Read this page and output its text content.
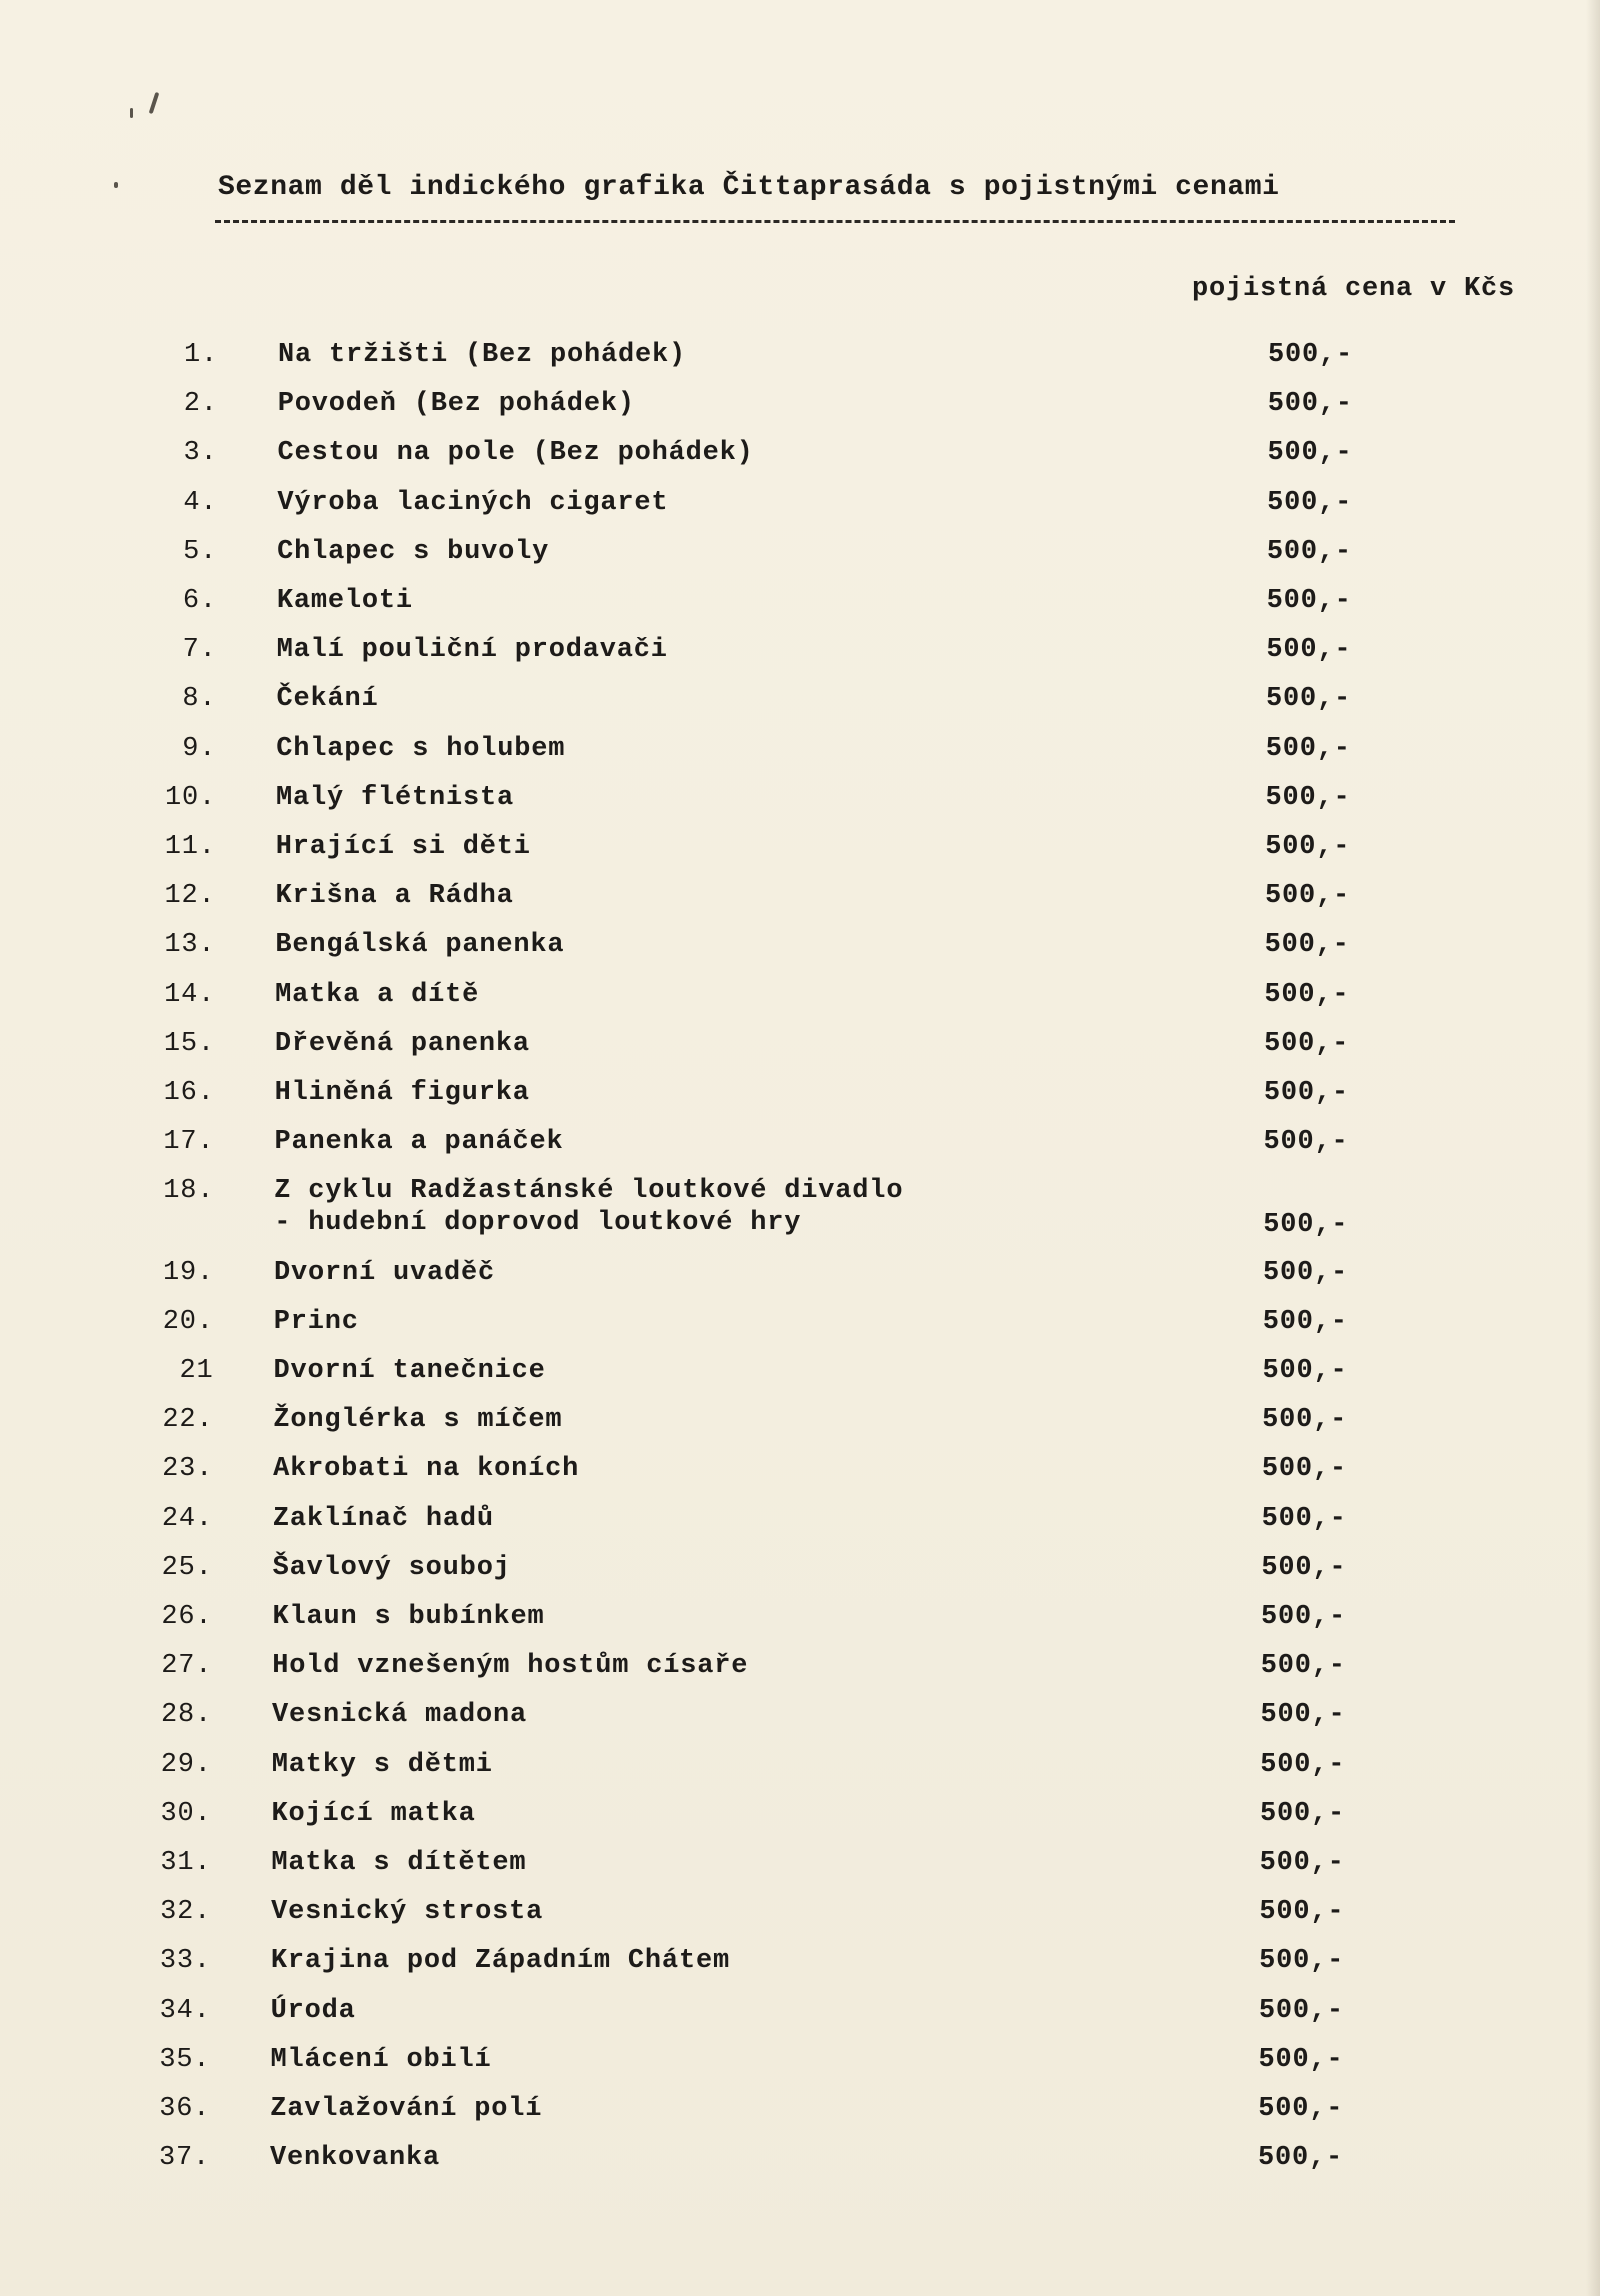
Seznam děl indického grafika Čittaprasáda s pojistnými cenami
pojistná cena v Kčs
1. Na tržišti (Bez pohádek)	500,-
2. Povodeň (Bez pohádek)	500,-
3. Cestou na pole (Bez pohádek)	500,-
4. Výroba laciných cigaret	500,-
5. Chlapec s buvoly	500,-
6. Kameloti	500,-
7. Malí pouliční prodavači	500,-
8. Čekání	500,-
9. Chlapec s holubem	500,-
10. Malý flétnista	500,-
11. Hrající si děti	500,-
12. Krišna a Rádha	500,-
13. Bengálská panenka	500,-
14. Matka a dítě	500,-
15. Dřevěná panenka	500,-
16. Hliněná figurka	500,-
17. Panenka a panáček	500,-
18. Z cyklu Radžastánské loutkové divadlo
- hudební doprovod loutkové hry	500,-
19. Dvorní uvaděč	500,-
20. Princ	500,-
21 Dvorní tanečnice	500,-
22. Žonglérka s míčem	500,-
23. Akrobati na koních	500,-
24. Zaklínač hadů	500,-
25. Šavlový souboj	500,-
26. Klaun s bubínkem	500,-
27. Hold vznešeným hostům císaře	500,-
28. Vesnická madona	500,-
29. Matky s dětmi	500,-
30. Kojící matka	500,-
31. Matka s dítětem	500,-
32. Vesnický strosta	500,-
33. Krajina pod Západním Chátem	500,-
34. Úroda	500,-
35. Mlácení obilí	500,-
36. Zavlažování polí	500,-
37. Venkovanka	500,-
